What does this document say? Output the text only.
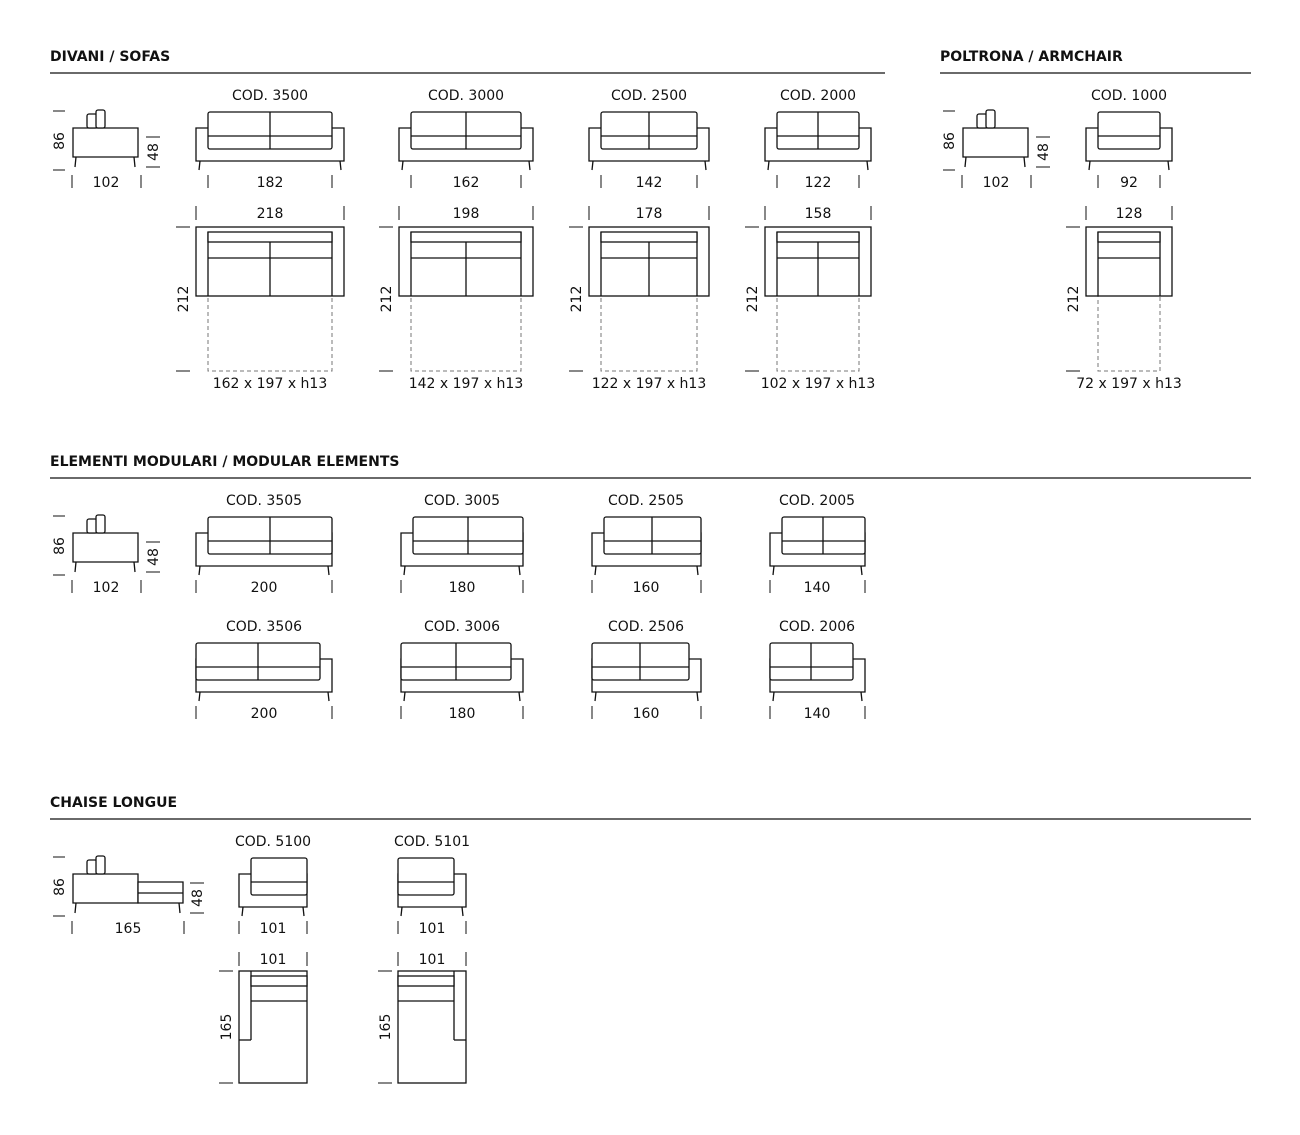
DIVANI / SOFAS	POLTRONA / ARMCHAIR
ELEMENTI MODULARI / MODULAR ELEMENTS
CHAISE LONGUE
86
48
102
COD. 3500
182
218
212
162 x 197 x h13
COD. 3000
162
198
212
142 x 197 x h13
COD. 2500
142
178
212
122 x 197 x h13
COD. 2000
122
158
212
102 x 197 x h13
86
48
102
COD. 1000
92
128
212
72 x 197 x h13
86
48
102
COD. 3505
200
COD. 3005
180
COD. 2505
160
COD. 2005
140
COD. 3506
200
COD. 3006
180
COD. 2506
160
COD. 2006
140
86
48
165
COD. 5100
101
101
165
COD. 5101
101
101
165
